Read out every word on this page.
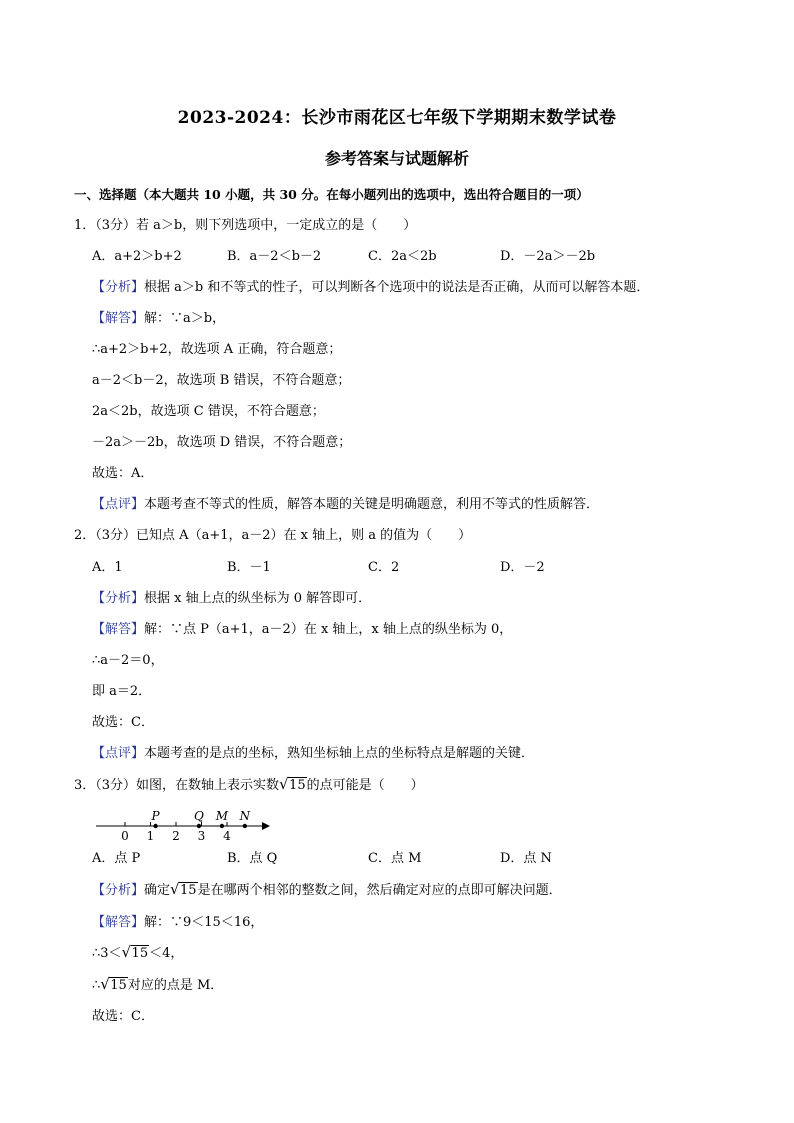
2023-2024：长沙市雨花区七年级下学期期末数学试卷
参考答案与试题解析
一、选择题（本大题共 10 小题，共 30 分。在每小题列出的选项中，选出符合题目的一项）
1．（3分）若 a＞b，则下列选项中，一定成立的是（　　）
A．a+2＞b+2	B．a－2＜b－2	C．2a＜2b	D．－2a＞－2b
【分析】根据 a＞b 和不等式的性子，可以判断各个选项中的说法是否正确，从而可以解答本题．
【解答】解：∵a＞b，
∴a+2＞b+2，故选项 A 正确，符合题意；
a－2＜b－2，故选项 B 错误，不符合题意；
2a＜2b，故选项 C 错误，不符合题意；
－2a＞－2b，故选项 D 错误，不符合题意；
故选：A．
【点评】本题考查不等式的性质，解答本题的关键是明确题意，利用不等式的性质解答．
2．（3分）已知点 A（a+1，a－2）在 x 轴上，则 a 的值为（　　）
A．1	B．－1	C．2	D．－2
【分析】根据 x 轴上点的纵坐标为 0 解答即可．
【解答】解：∵点 P（a+1，a－2）在 x 轴上，x 轴上点的纵坐标为 0，
∴a－2＝0，
即 a＝2．
故选：C．
【点评】本题考查的是点的坐标，熟知坐标轴上点的坐标特点是解题的关键．
3．（3分）如图，在数轴上表示实数 √ 15的点可能是（　　）
0 1 2 3 4
P	Q M N
A．点 P	B．点 Q	C．点 M	D．点 N
【分析】确定 √ 15是在哪两个相邻的整数之间，然后确定对应的点即可解决问题．
【解答】解：∵9＜15＜16，
∴3＜ √ 15＜4，
∴ √ 15对应的点是 M．
故选：C．
